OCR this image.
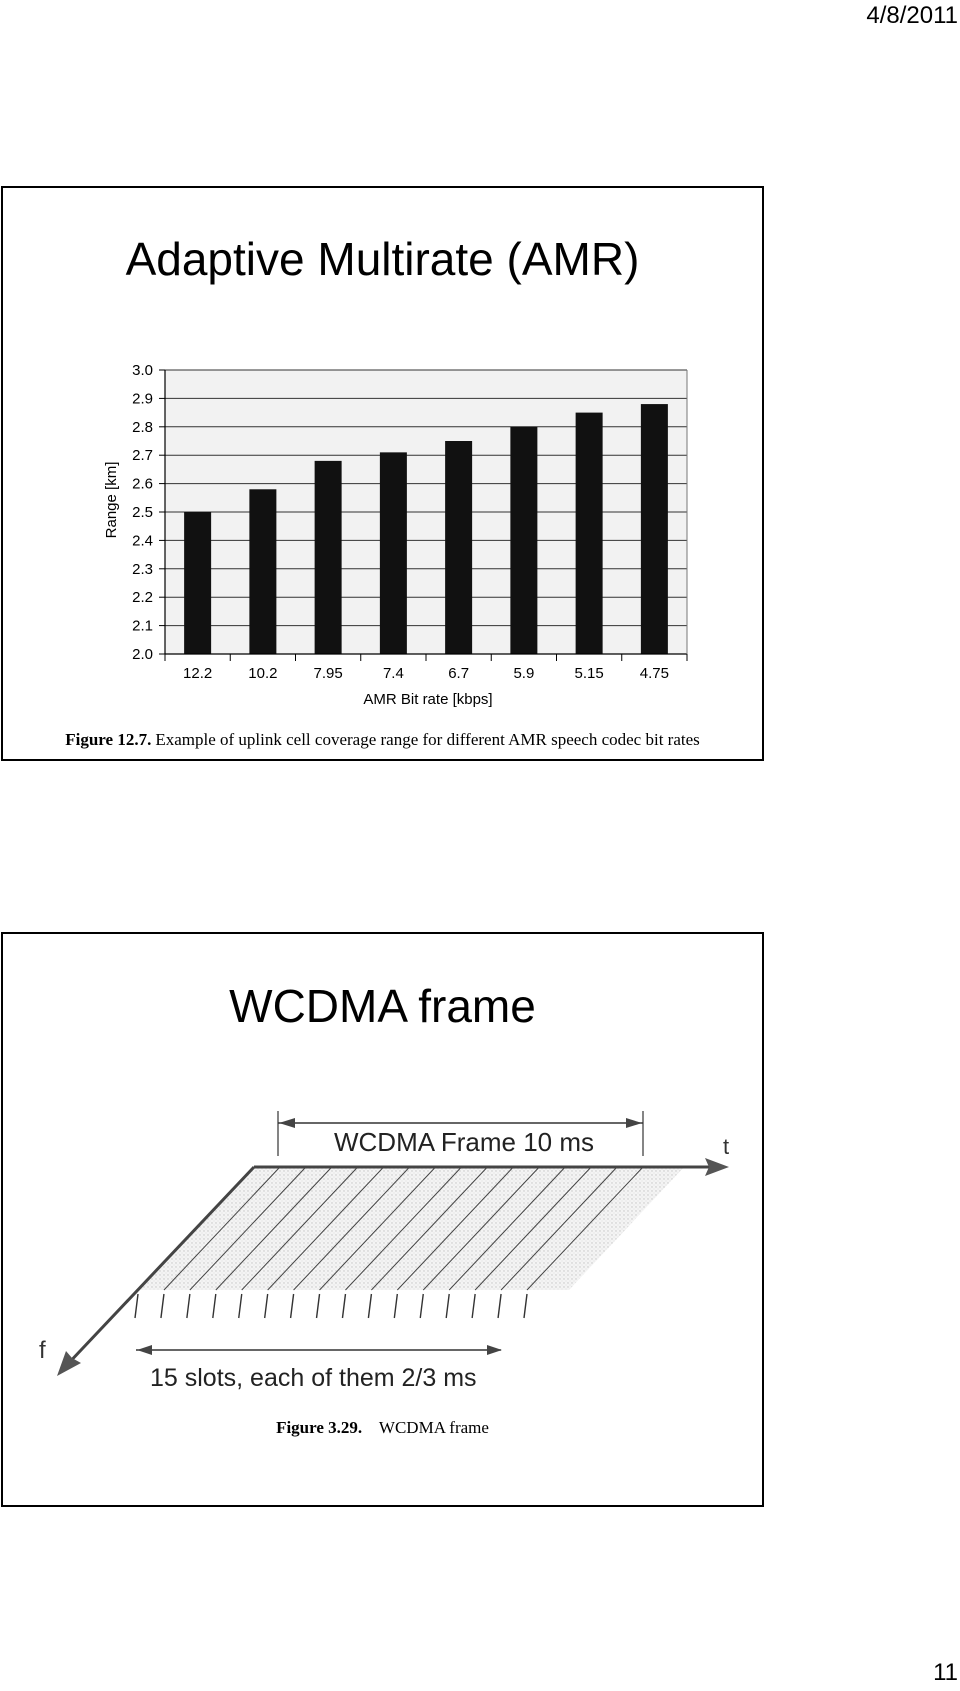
4/8/2011
Adaptive Multirate (AMR)
2.0
2.1
2.2
2.3
2.4
2.5
2.6
2.7
2.8
2.9
3.0
12.2 10.2 7.95	7.4	6.7	5.9	5.15 4.75
Range [km]
AMR Bit rate [kbps]
Figure 12.7. Example of uplink cell coverage range for different AMR speech codec bit rates
WCDMA frame
t
f
WCDMA Frame 10 ms
15 slots, each of them 2/3 ms
Figure 3.29. WCDMA frame
11
